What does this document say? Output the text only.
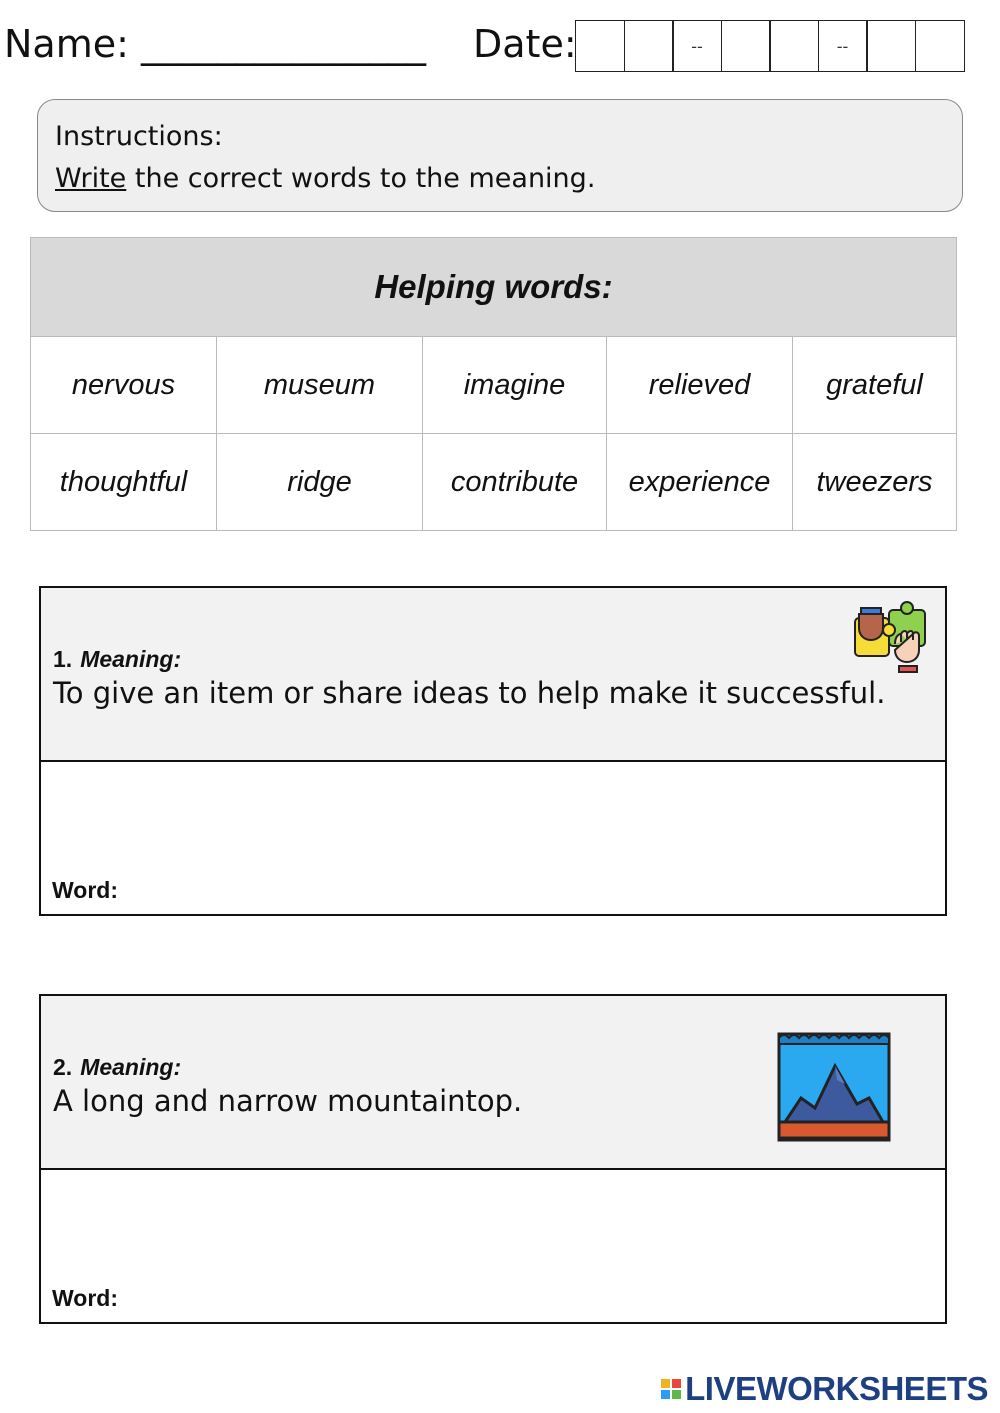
Name: _______________ Date:	--	--
Instructions:
Write the correct words to the meaning.
Helping words:				
nervous	museum	imagine	relieved	grateful
thoughtful	ridge	contribute	experience	tweezers
1. Meaning:
To give an item or share ideas to help make it successful.
Word:
2. Meaning:
A long and narrow mountaintop.
Word:
LIVEWORKSHEETS
